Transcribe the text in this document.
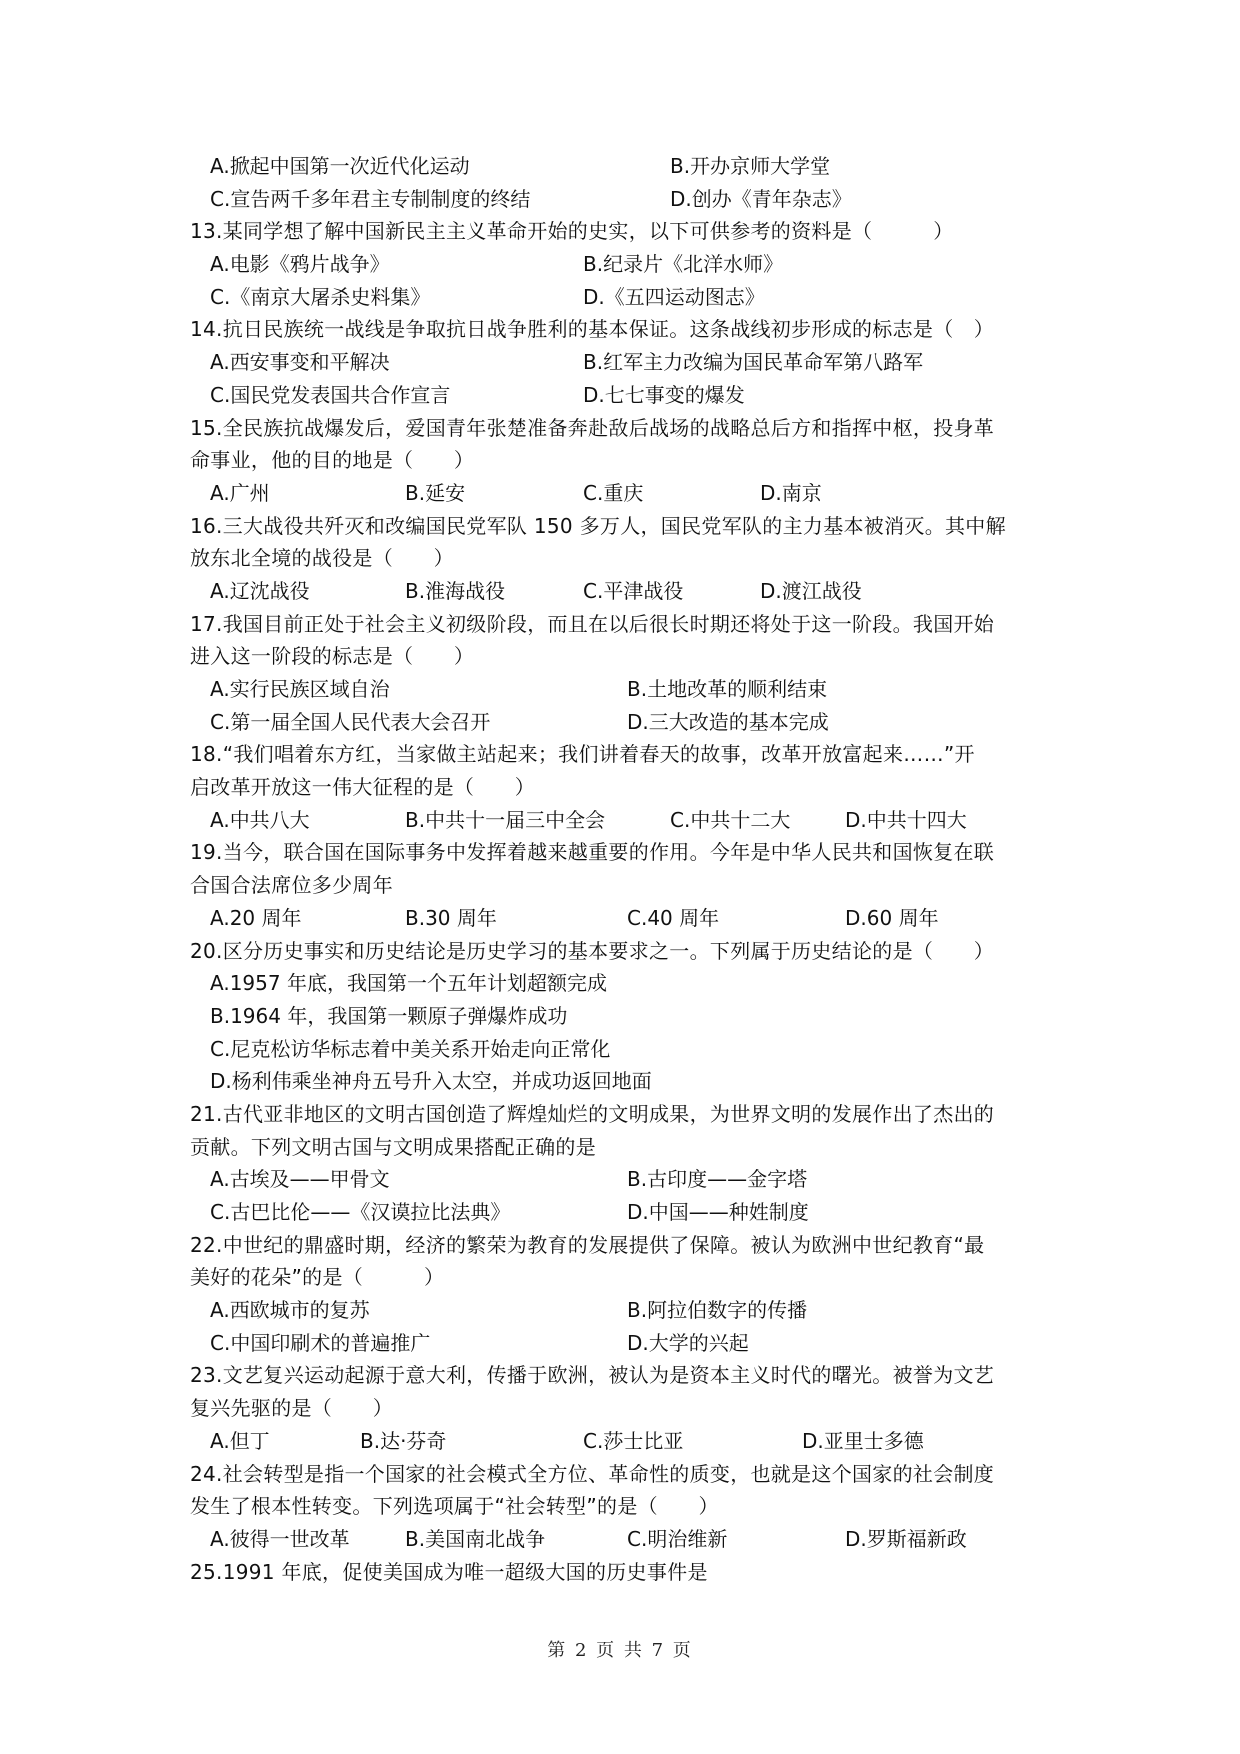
A.掀起中国第一次近代化运动	B.开办京师大学堂
C.宣告两千多年君主专制制度的终结	D.创办《青年杂志》
13.某同学想了解中国新民主主义革命开始的史实，以下可供参考的资料是（　　　）
A.电影《鸦片战争》	B.纪录片《北洋水师》
C.《南京大屠杀史料集》	D.《五四运动图志》
14.抗日民族统一战线是争取抗日战争胜利的基本保证。这条战线初步形成的标志是（　）
A.西安事变和平解决	B.红军主力改编为国民革命军第八路军
C.国民党发表国共合作宣言	D.七七事变的爆发
15.全民族抗战爆发后，爱国青年张楚准备奔赴敌后战场的战略总后方和指挥中枢，投身革
命事业，他的目的地是（　　）
A.广州	B.延安	C.重庆	D.南京
16.三大战役共歼灭和改编国民党军队 150 多万人，国民党军队的主力基本被消灭。其中解
放东北全境的战役是（　　）
A.辽沈战役	B.淮海战役	C.平津战役	D.渡江战役
17.我国目前正处于社会主义初级阶段，而且在以后很长时期还将处于这一阶段。我国开始
进入这一阶段的标志是（　　）
A.实行民族区域自治	B.土地改革的顺利结束
C.第一届全国人民代表大会召开	D.三大改造的基本完成
18.“我们唱着东方红，当家做主站起来；我们讲着春天的故事，改革开放富起来……”开
启改革开放这一伟大征程的是（　　）
A.中共八大	B.中共十一届三中全会	C.中共十二大	D.中共十四大
19.当今，联合国在国际事务中发挥着越来越重要的作用。今年是中华人民共和国恢复在联
合国合法席位多少周年
A.20 周年	B.30 周年	C.40 周年	D.60 周年
20.区分历史事实和历史结论是历史学习的基本要求之一。下列属于历史结论的是（　　）
A.1957 年底，我国第一个五年计划超额完成
B.1964 年，我国第一颗原子弹爆炸成功
C.尼克松访华标志着中美关系开始走向正常化
D.杨利伟乘坐神舟五号升入太空，并成功返回地面
21.古代亚非地区的文明古国创造了辉煌灿烂的文明成果，为世界文明的发展作出了杰出的
贡献。下列文明古国与文明成果搭配正确的是
A.古埃及——甲骨文	B.古印度——金字塔
C.古巴比伦——《汉谟拉比法典》	D.中国——种姓制度
22.中世纪的鼎盛时期，经济的繁荣为教育的发展提供了保障。被认为欧洲中世纪教育“最
美好的花朵”的是（　　　）
A.西欧城市的复苏	B.阿拉伯数字的传播
C.中国印刷术的普遍推广	D.大学的兴起
23.文艺复兴运动起源于意大利，传播于欧洲，被认为是资本主义时代的曙光。被誉为文艺
复兴先驱的是（　　）
A.但丁	B.达·芬奇	C.莎士比亚	D.亚里士多德
24.社会转型是指一个国家的社会模式全方位、革命性的质变，也就是这个国家的社会制度
发生了根本性转变。下列选项属于“社会转型”的是（　　）
A.彼得一世改革	B.美国南北战争	C.明治维新	D.罗斯福新政
25.1991 年底，促使美国成为唯一超级大国的历史事件是
第 2 页 共 7 页
